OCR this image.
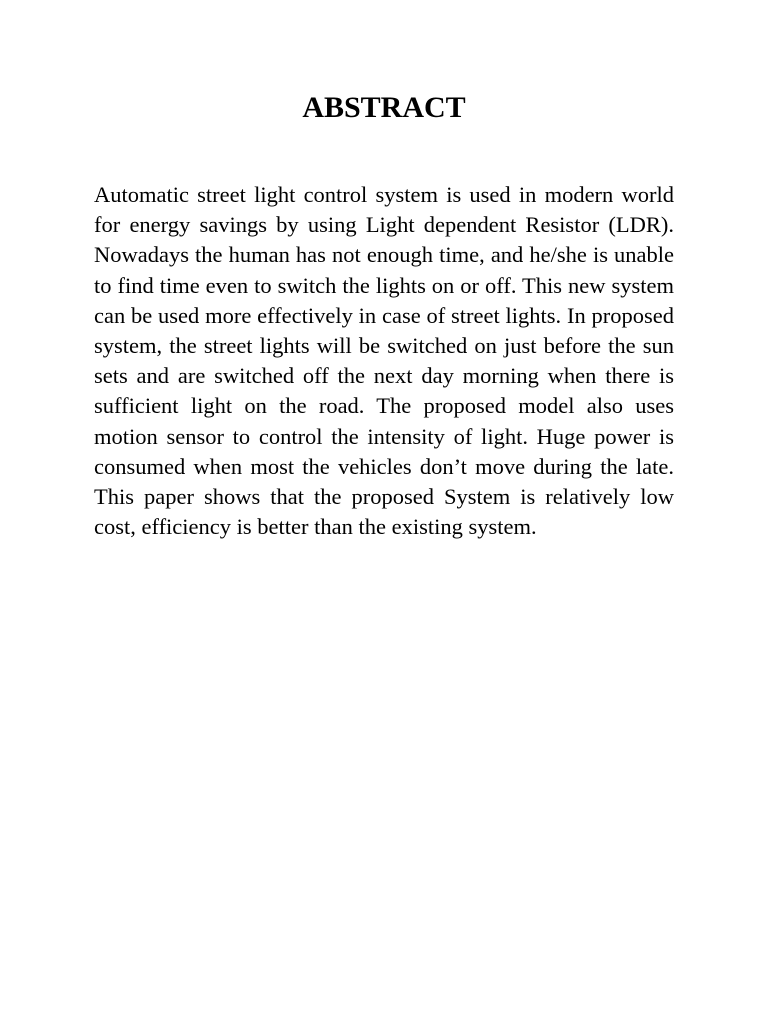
ABSTRACT

Automatic street light control system is used in modern world for energy savings by using Light dependent Resistor (LDR). Nowadays the human has not enough time, and he/she is unable to find time even to switch the lights on or off. This new system can be used more effectively in case of street lights. In proposed system, the street lights will be switched on just before the sun sets and are switched off the next day morning when there is sufficient light on the road. The proposed model also uses motion sensor to control the intensity of light. Huge power is consumed when most the vehicles don’t move during the late. This paper shows that the proposed System is relatively low cost, efficiency is better than the existing system.
